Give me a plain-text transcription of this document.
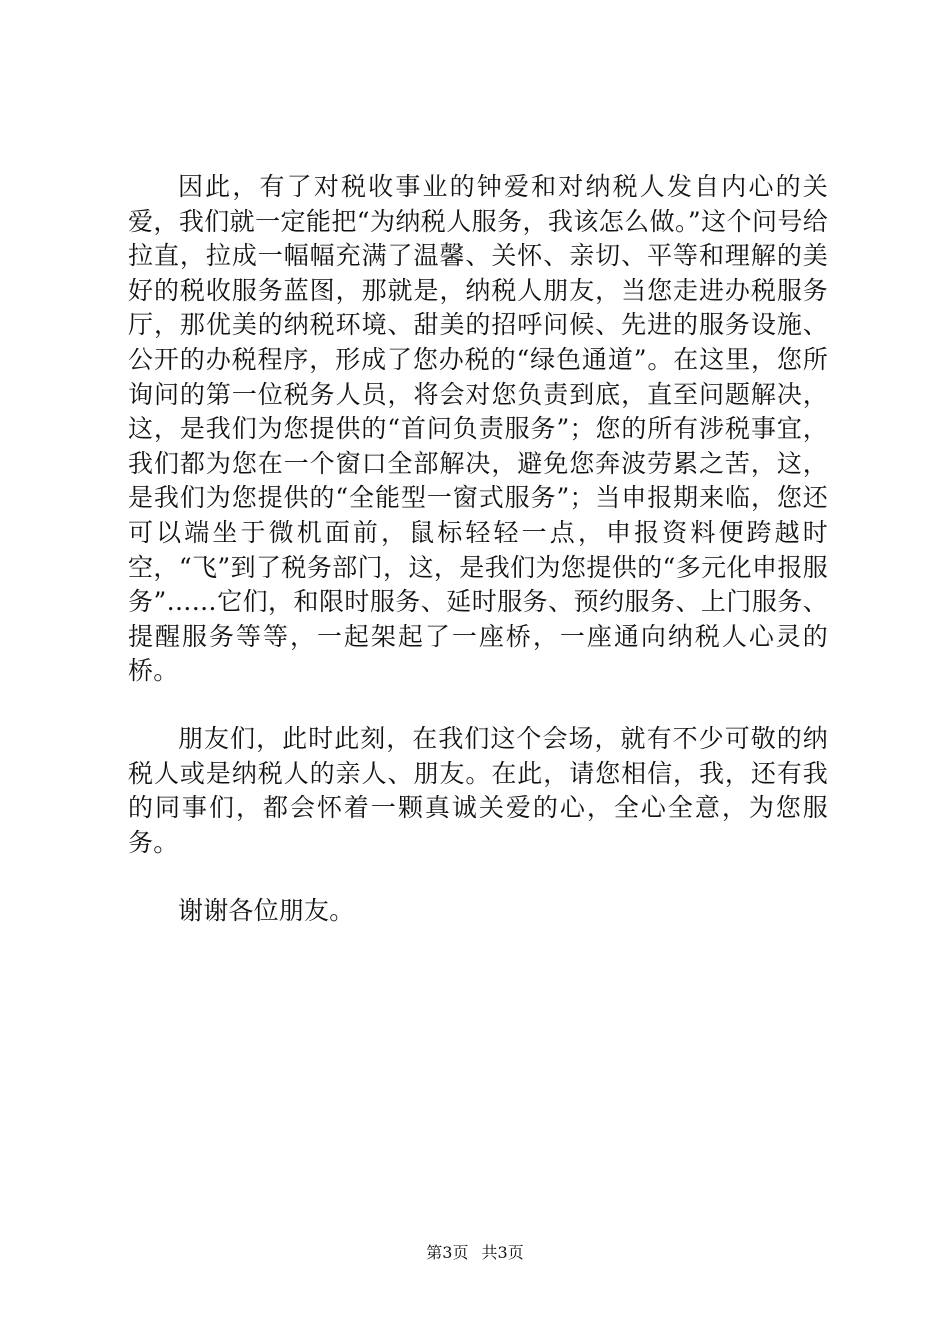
因此，有了对税收事业的钟爱和对纳税人发自内心的关爱，我们就一定能把“为纳税人服务，我该怎么做。”这个问号给拉直，拉成一幅幅充满了温馨、关怀、亲切、平等和理解的美好的税收服务蓝图，那就是，纳税人朋友，当您走进办税服务厅，那优美的纳税环境、甜美的招呼问候、先进的服务设施、公开的办税程序，形成了您办税的“绿色通道”。在这里，您所询问的第一位税务人员，将会对您负责到底，直至问题解决，这，是我们为您提供的“首问负责服务”；您的所有涉税事宜，我们都为您在一个窗口全部解决，避免您奔波劳累之苦，这，是我们为您提供的“全能型一窗式服务”；当申报期来临，您还可以端坐于微机面前，鼠标轻轻一点，申报资料便跨越时空，“飞”到了税务部门，这，是我们为您提供的“多元化申报服务”……它们，和限时服务、延时服务、预约服务、上门服务、提醒服务等等，一起架起了一座桥，一座通向纳税人心灵的桥。

朋友们，此时此刻，在我们这个会场，就有不少可敬的纳税人或是纳税人的亲人、朋友。在此，请您相信，我，还有我的同事们，都会怀着一颗真诚关爱的心，全心全意，为您服务。

谢谢各位朋友。

第3页 共3页
